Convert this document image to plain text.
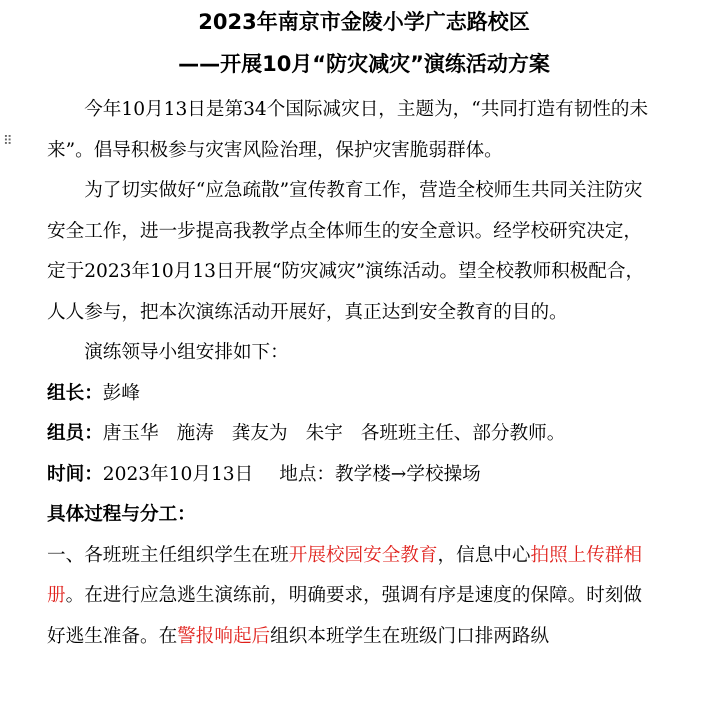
2023年南京市金陵小学广志路校区
——开展10月“防灾减灾”演练活动方案
⠿

今年10月13日是第34个国际减灾日，主题为，“共同打造有韧性的未来”。倡导积极参与灾害风险治理，保护灾害脆弱群体。

为了切实做好“应急疏散”宣传教育工作，营造全校师生共同关注防灾安全工作，进一步提高我教学点全体师生的安全意识。经学校研究决定，定于2023年10月13日开展“防灾减灾”演练活动。望全校教师积极配合，人人参与，把本次演练活动开展好，真正达到安全教育的目的。

演练领导小组安排如下：

组长：彭峰

组员：唐玉华 施涛 龚友为 朱宇 各班班主任、部分教师。

时间：2023年10月13日 地点：教学楼→学校操场

具体过程与分工：

一、各班班主任组织学生在班开展校园安全教育，信息中心拍照上传群相册。在进行应急逃生演练前，明确要求，强调有序是速度的保障。时刻做好逃生准备。在警报响起后组织本班学生在班级门口排两路纵
